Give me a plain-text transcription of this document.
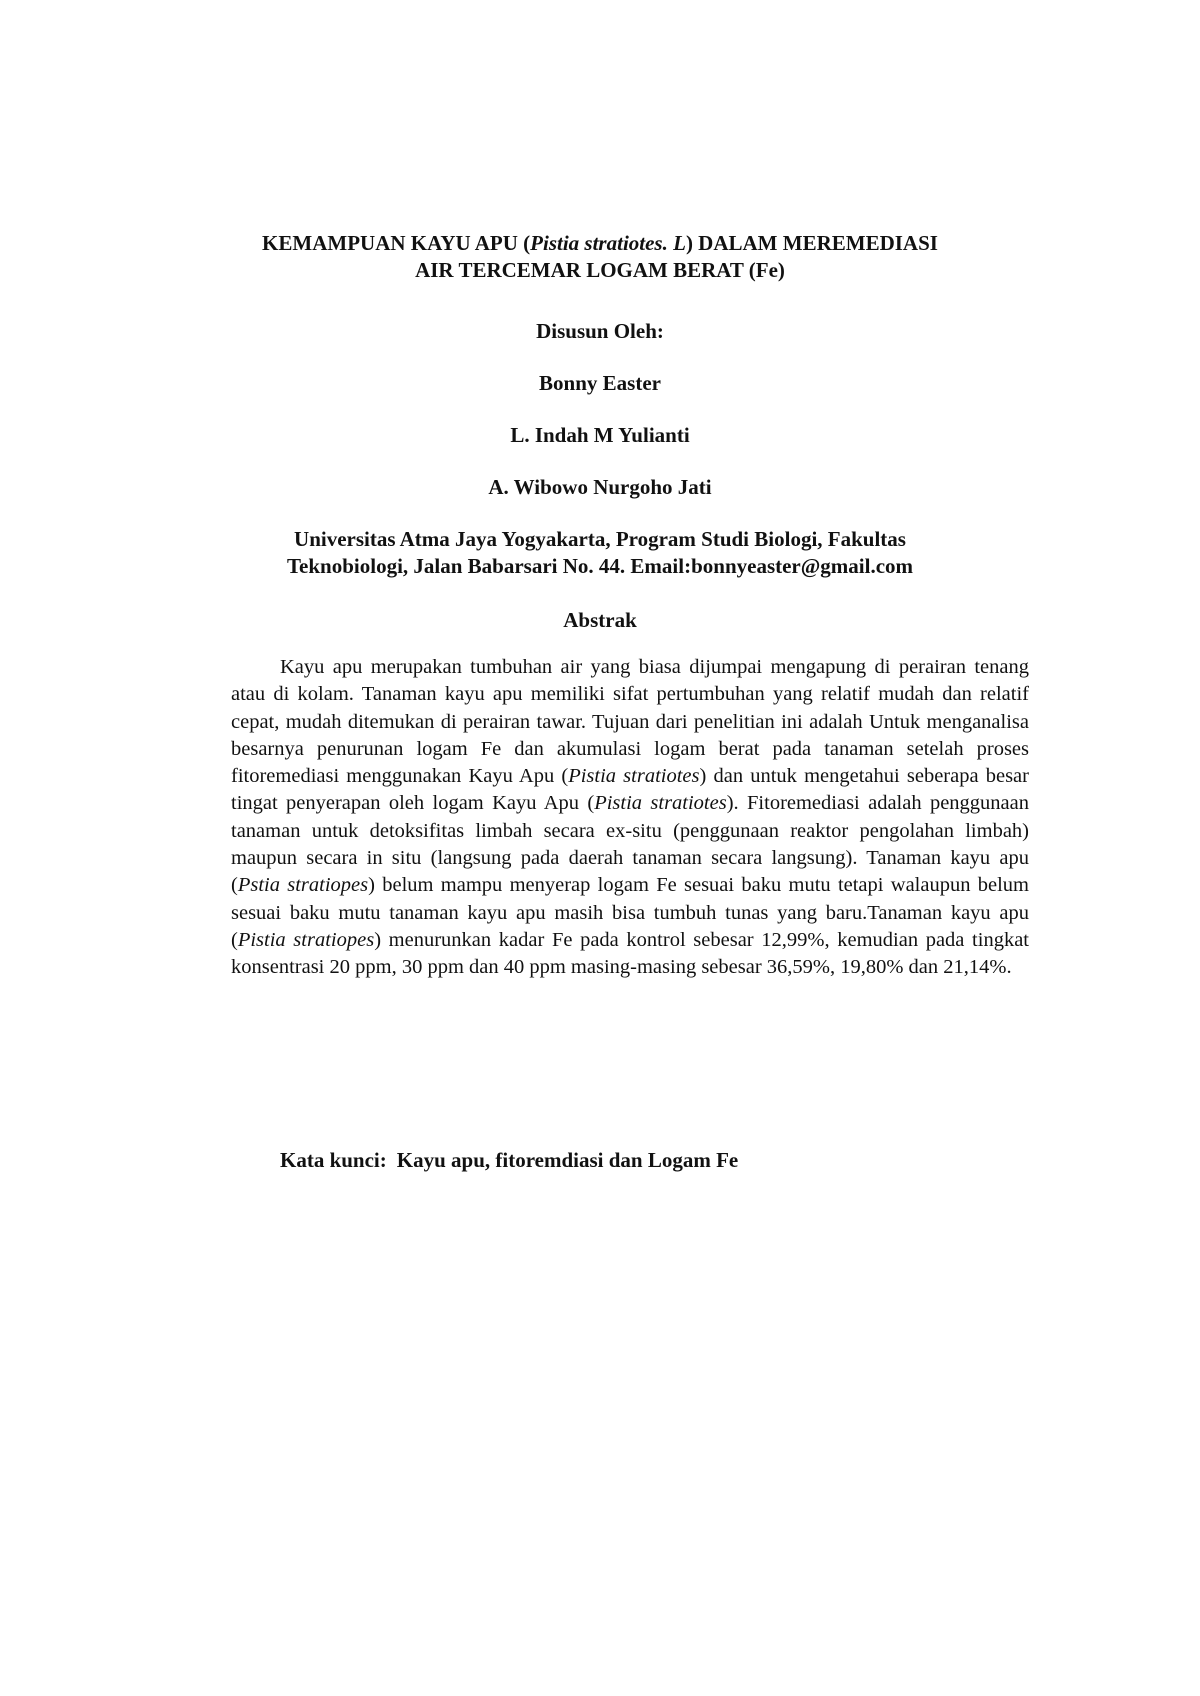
KEMAMPUAN KAYU APU (Pistia stratiotes. L) DALAM MEREMEDIASI
AIR TERCEMAR LOGAM BERAT (Fe)
Disusun Oleh:
Bonny Easter
L. Indah M Yulianti
A. Wibowo Nurgoho Jati
Universitas Atma Jaya Yogyakarta, Program Studi Biologi, Fakultas
Teknobiologi, Jalan Babarsari No. 44. Email:bonnyeaster@gmail.com
Abstrak
Kayu apu merupakan tumbuhan air yang biasa dijumpai mengapung di perairan tenang atau di kolam. Tanaman kayu apu memiliki sifat pertumbuhan yang relatif mudah dan relatif cepat, mudah ditemukan di perairan tawar. Tujuan dari penelitian ini adalah Untuk menganalisa besarnya penurunan logam Fe dan akumulasi logam berat pada tanaman setelah proses fitoremediasi menggunakan Kayu Apu (Pistia stratiotes) dan untuk mengetahui seberapa besar tingat penyerapan oleh logam Kayu Apu (Pistia stratiotes). Fitoremediasi adalah penggunaan tanaman untuk detoksifitas limbah secara ex-situ (penggunaan reaktor pengolahan limbah) maupun secara in situ (langsung pada daerah tanaman secara langsung). Tanaman kayu apu (Pstia stratiopes) belum mampu menyerap logam Fe sesuai baku mutu tetapi walaupun belum sesuai baku mutu tanaman kayu apu masih bisa tumbuh tunas yang baru.Tanaman kayu apu (Pistia stratiopes) menurunkan kadar Fe pada kontrol sebesar 12,99%, kemudian pada tingkat konsentrasi 20 ppm, 30 ppm dan 40 ppm masing-masing sebesar 36,59%, 19,80% dan 21,14%.
Kata kunci: Kayu apu, fitoremdiasi dan Logam Fe
